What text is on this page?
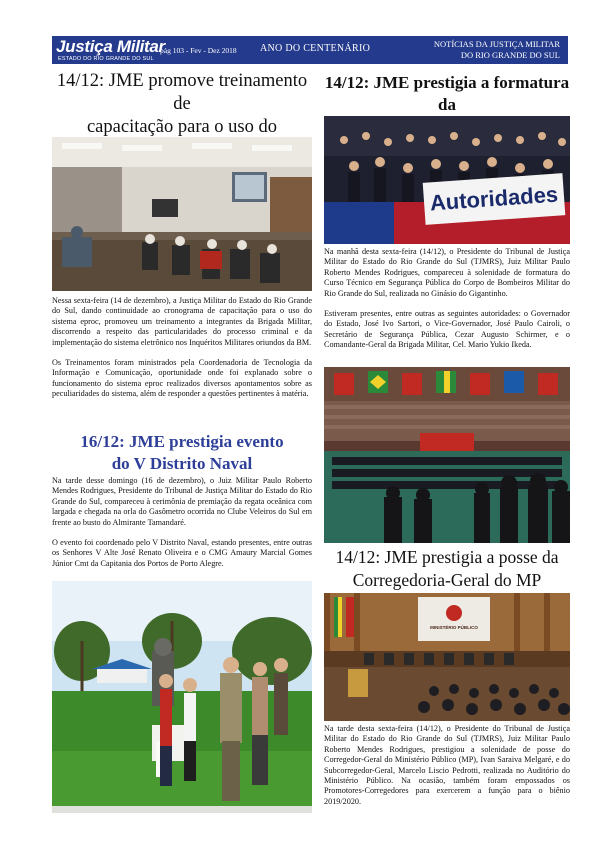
Justiça Militar
ESTADO DO RIO GRANDE DO SUL
pág 103 - Fev - Dez 2018 ANO DO CENTENÁRIO	NOTÍCIAS DA JUSTIÇA MILITAR
DO RIO GRANDE DO SUL
14/12: JME promove treinamento de
capacitação para o uso do

Nessa sexta-feira (14 de dezembro), a Justiça Militar do Estado do Rio Grande do Sul, dando continuidade ao cronograma de capacitação para o uso do sistema eproc, promoveu um treinamento a integrantes da Brigada Militar, discorrendo a respeito das particularidades do processo criminal e da implementação do sistema eletrônico nos Inquéritos Militares oriundos da BM.

Os Treinamentos foram ministrados pela Coordenadoria de Tecnologia da Informação e Comunicação, oportunidade onde foi explanado sobre o funcionamento do sistema eproc realizados diversos apontamentos sobre as peculiaridades do sistema, além de responder a questões pertinentes à matéria.

16/12: JME prestigia evento
do V Distrito Naval

Na tarde desse domingo (16 de dezembro), o Juiz Militar Paulo Roberto Mendes Rodrigues, Presidente do Tribunal de Justiça Militar do Estado do Rio Grande do Sul, compareceu à cerimônia de premiação da regata oceânica com largada e chegada na orla do Gasômetro ocorrida no Clube Veleiros do Sul em frente ao busto do Almirante Tamandaré.

O evento foi coordenado pelo V Distrito Naval, estando presentes, entre outras os Senhores V Alte José Renato Oliveira e o CMG Amaury Marcial Gomes Júnior Cmt da Capitania dos Portos de Porto Alegre.

14/12: JME prestigia a formatura da
Autoridades

Na manhã desta sexta-feira (14/12), o Presidente do Tribunal de Justiça Militar do Estado do Rio Grande do Sul (TJMRS), Juiz Militar Paulo Roberto Mendes Rodrigues, compareceu à solenidade de formatura do Curso Técnico em Segurança Pública do Corpo de Bombeiros Militar do Rio Grande do Sul, realizada no Ginásio do Gigantinho.

Estiveram presentes, entre outras as seguintes autoridades: o Governador do Estado, José Ivo Sartori, o Vice-Governador, José Paulo Cairoli, o Secretário de Segurança Pública, Cezar Augusto Schirmer, e o Comandante-Geral da Brigada Militar, Cel. Mario Yukio Ikeda.

14/12: JME prestigia a posse da
Corregedoria-Geral do MP
MINISTÉRIO PÚBLICO

Na tarde desta sexta-feira (14/12), o Presidente do Tribunal de Justiça Militar do Estado do Rio Grande do Sul (TJMRS), Juiz Militar Paulo Roberto Mendes Rodrigues, prestigiou a solenidade de posse do Corregedor-Geral do Ministério Público (MP), Ivan Saraiva Melgaré, e do Subcorregedor-Geral, Marcelo Liscio Pedrotti, realizada no Auditório do Ministério Público. Na ocasião, também foram empossados os Promotores-Corregedores para exercerem a função para o biênio 2019/2020.
